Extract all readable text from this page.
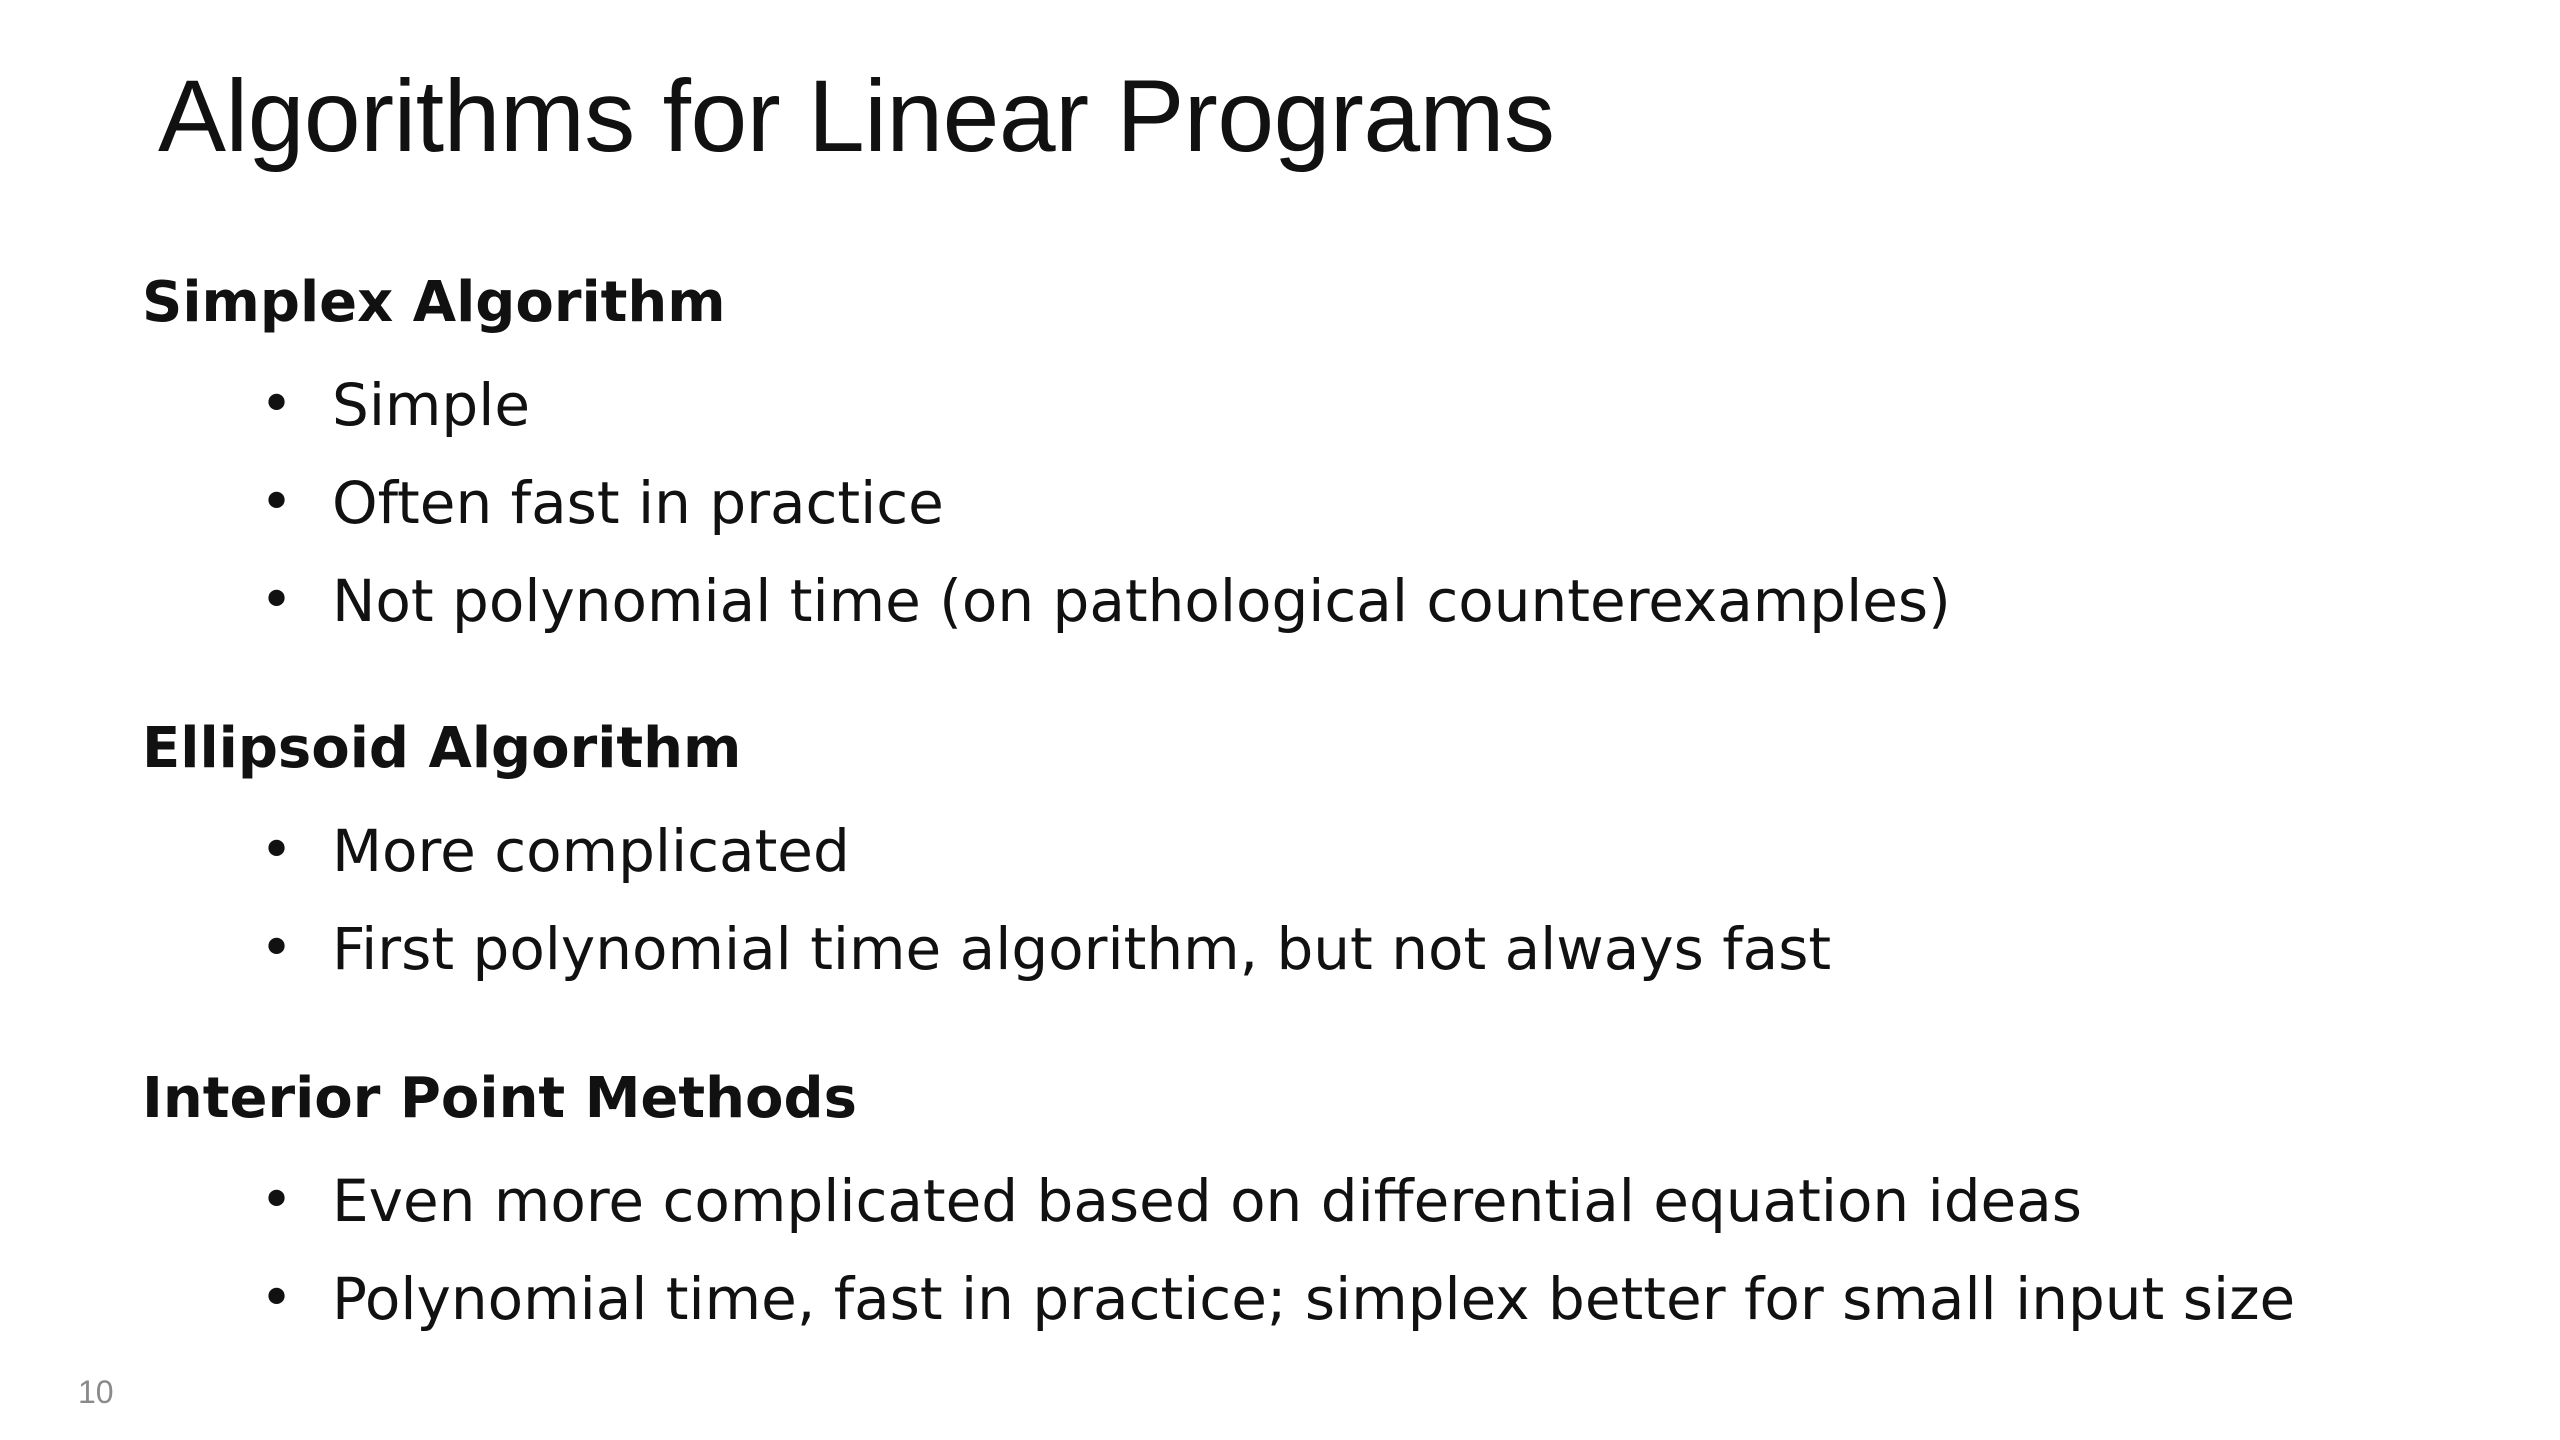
Algorithms for Linear Programs
Simplex Algorithm
• Simple
• Often fast in practice
• Not polynomial time (on pathological counterexamples)
Ellipsoid Algorithm
• More complicated
• First polynomial time algorithm, but not always fast
Interior Point Methods
• Even more complicated based on differential equation ideas
• Polynomial time, fast in practice; simplex better for small input size
10
